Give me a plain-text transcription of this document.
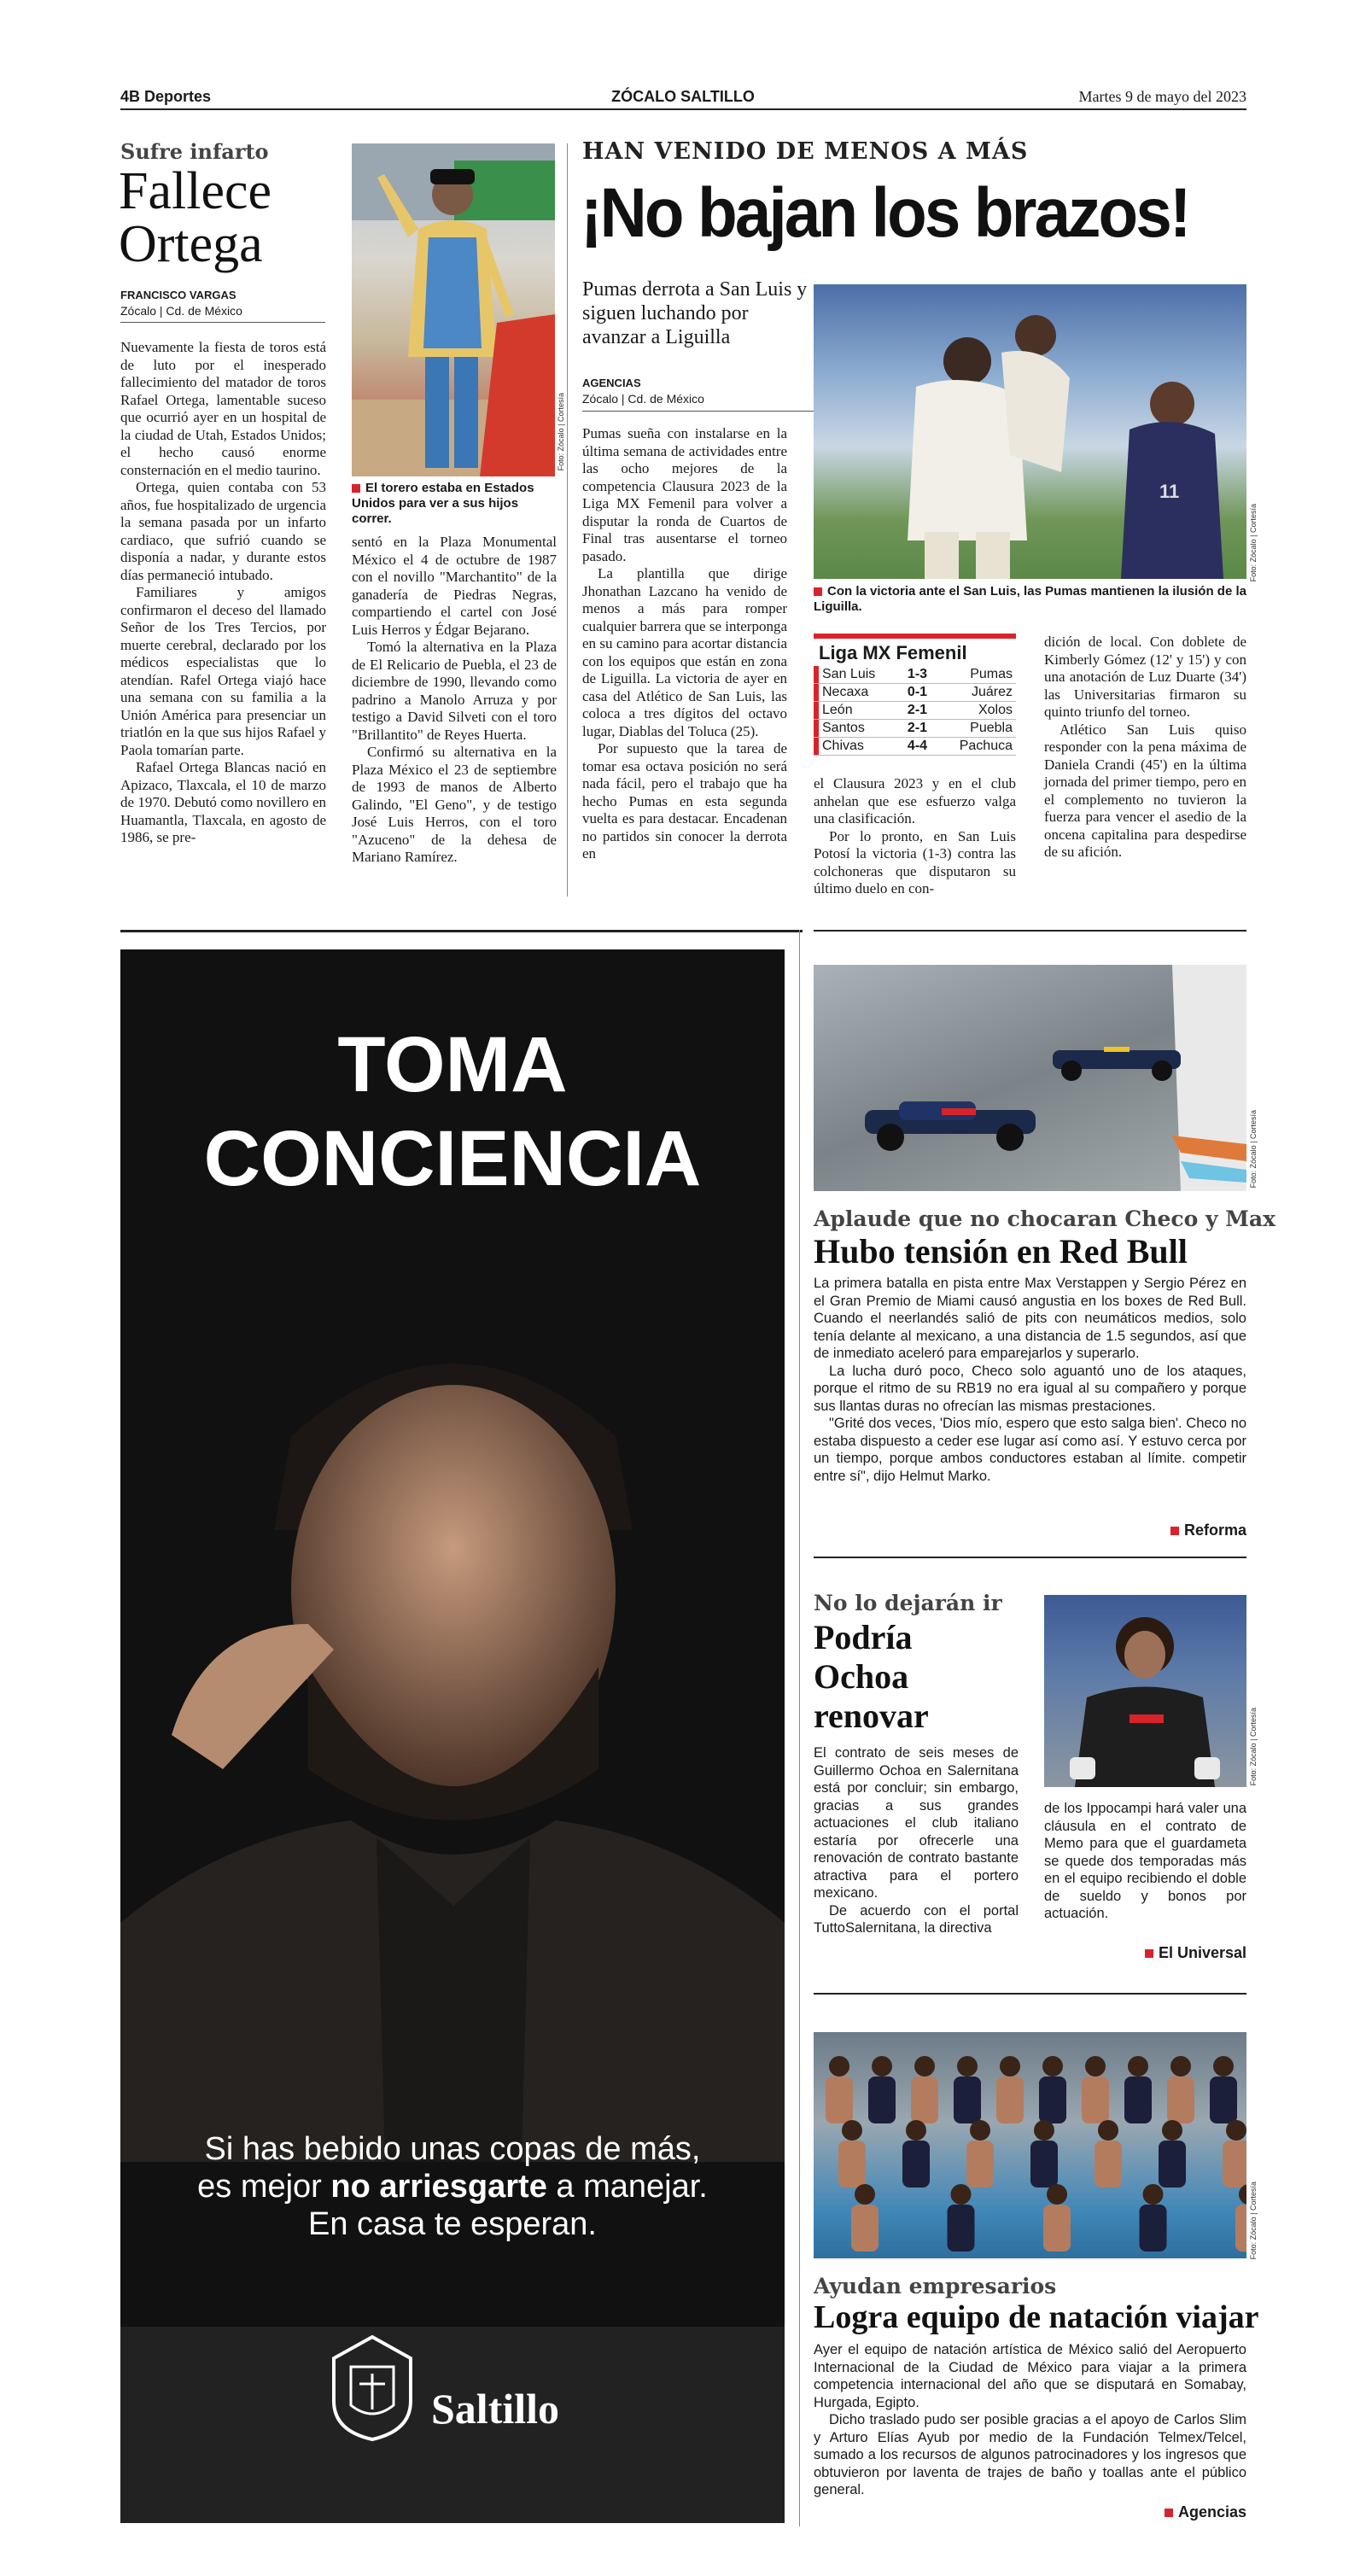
4B Deportes	ZÓCALO SALTILLO	Martes 9 de mayo del 2023
Sufre infarto
Fallece
Ortega
FRANCISCO VARGAS
Zócalo | Cd. de México
Foto: Zócalo | Cortesía
El torero estaba en Estados Unidos para ver a sus hijos correr.

Nuevamente la fiesta de toros está de luto por el inesperado fallecimiento del matador de toros Rafael Ortega, lamentable suceso que ocurrió ayer en un hospital de la ciudad de Utah, Estados Unidos; el hecho causó enorme consternación en el medio taurino.

Ortega, quien contaba con 53 años, fue hospitalizado de urgencia la semana pasada por un infarto cardiaco, que sufrió cuando se disponía a nadar, y durante estos días permaneció intubado.

Familiares y amigos confirmaron el deceso del llamado Señor de los Tres Tercios, por muerte cerebral, declarado por los médicos especialistas que lo atendían. Rafel Ortega viajó hace una semana con su familia a la Unión América para presenciar un triatlón en la que sus hijos Rafael y Paola tomarían parte.

Rafael Ortega Blancas nació en Apizaco, Tlaxcala, el 10 de marzo de 1970. Debutó como novillero en Huamantla, Tlaxcala, en agosto de 1986, se pre-

sentó en la Plaza Monumental México el 4 de octubre de 1987 con el novillo "Marchantito" de la ganadería de Piedras Negras, compartiendo el cartel con José Luis Herros y Édgar Bejarano.

Tomó la alternativa en la Plaza de El Relicario de Puebla, el 23 de diciembre de 1990, llevando como padrino a Manolo Arruza y por testigo a David Silveti con el toro "Brillantito" de Reyes Huerta.

Confirmó su alternativa en la Plaza México el 23 de septiembre de 1993 de manos de Alberto Galindo, "El Geno", y de testigo José Luis Herros, con el toro "Azuceno" de la dehesa de Mariano Ramírez.

HAN VENIDO DE MENOS A MÁS
¡No bajan los brazos!
Pumas derrota a San Luis y siguen luchando por avanzar a Liguilla
AGENCIAS
Zócalo | Cd. de México

Pumas sueña con instalarse en la última semana de actividades entre las ocho mejores de la competencia Clausura 2023 de la Liga MX Femenil para volver a disputar la ronda de Cuartos de Final tras ausentarse el torneo pasado.

La plantilla que dirige Jhonathan Lazcano ha venido de menos a más para romper cualquier barrera que se interponga en su camino para acortar distancia con los equipos que están en zona de Liguilla. La victoria de ayer en casa del Atlético de San Luis, las coloca a tres dígitos del octavo lugar, Diablas del Toluca (25).

Por supuesto que la tarea de tomar esa octava posición no será nada fácil, pero el trabajo que ha hecho Pumas en esta segunda vuelta es para destacar. Encadenan no partidos sin conocer la derrota en

11
Foto: Zócalo | Cortesía
Con la victoria ante el San Luis, las Pumas mantienen la ilusión de la Liguilla.
Liga MX Femenil
	San Luis	1-3	Pumas
	Necaxa	0-1	Juárez
	León	2-1	Xolos
	Santos	2-1	Puebla
	Chivas	4-4	Pachuca

el Clausura 2023 y en el club anhelan que ese esfuerzo valga una clasificación.

Por lo pronto, en San Luis Potosí la victoria (1-3) contra las colchoneras que disputaron su último duelo en con-

dición de local. Con doblete de Kimberly Gómez (12' y 15') y con una anotación de Luz Duarte (34') las Universitarias firmaron su quinto triunfo del torneo.

Atlético San Luis quiso responder con la pena máxima de Daniela Crandi (45') en la última jornada del primer tiempo, pero en el complemento no tuvieron la fuerza para vencer el asedio de la oncena capitalina para despedirse de su afición.

TOMA
CONCIENCIA
Si has bebido unas copas de más,
es mejor no arriesgarte a manejar.
En casa te esperan.
Saltillo
Foto: Zócalo | Cortesía
Aplaude que no chocaran Checo y Max
Hubo tensión en Red Bull

La primera batalla en pista entre Max Verstappen y Sergio Pérez en el Gran Premio de Miami causó angustia en los boxes de Red Bull. Cuando el neerlandés salió de pits con neumáticos medios, solo tenía delante al mexicano, a una distancia de 1.5 segundos, así que de inmediato aceleró para emparejarlos y superarlo.

La lucha duró poco, Checo solo aguantó uno de los ataques, porque el ritmo de su RB19 no era igual al su compañero y porque sus llantas duras no ofrecían las mismas prestaciones.

"Grité dos veces, 'Dios mío, espero que esto salga bien'. Checo no estaba dispuesto a ceder ese lugar así como así. Y estuvo cerca por un tiempo, porque ambos conductores estaban al límite. competir entre sí", dijo Helmut Marko.

Reforma
No lo dejarán ir
Podría
Ochoa
renovar

El contrato de seis meses de Guillermo Ochoa en Salernitana está por concluir; sin embargo, gracias a sus grandes actuaciones el club italiano estaría por ofrecerle una renovación de contrato bastante atractiva para el portero mexicano.

De acuerdo con el portal TuttoSalernitana, la directiva

Foto: Zócalo | Cortesía

de los Ippocampi hará valer una cláusula en el contrato de Memo para que el guardameta se quede dos temporadas más en el equipo recibiendo el doble de sueldo y bonos por actuación.

El Universal
Foto: Zócalo | Cortesía
Ayudan empresarios
Logra equipo de natación viajar

Ayer el equipo de natación artística de México salió del Aeropuerto Internacional de la Ciudad de México para viajar a la primera competencia internacional del año que se disputará en Somabay, Hurgada, Egipto.

Dicho traslado pudo ser posible gracias a el apoyo de Carlos Slim y Arturo Elías Ayub por medio de la Fundación Telmex/Telcel, sumado a los recursos de algunos patrocinadores y los ingresos que obtuvieron por laventa de trajes de baño y toallas ante el público general.

Agencias
